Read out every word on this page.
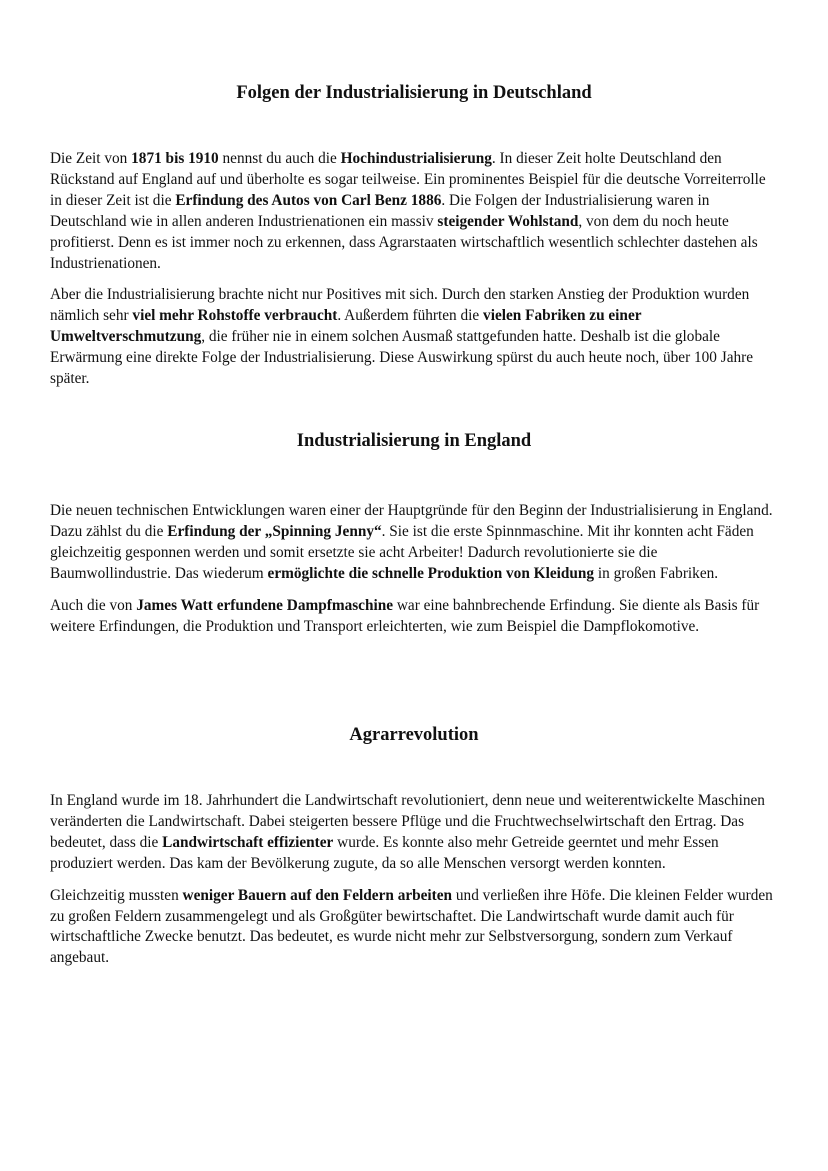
Folgen der Industrialisierung in Deutschland

Die Zeit von 1871 bis 1910 nennst du auch die Hochindustrialisierung. In dieser Zeit holte Deutschland den Rückstand auf England auf und überholte es sogar teilweise. Ein prominentes Beispiel für die deutsche Vorreiterrolle in dieser Zeit ist die Erfindung des Autos von Carl Benz 1886. Die Folgen der Industrialisierung waren in Deutschland wie in allen anderen Industrienationen ein massiv steigender Wohlstand, von dem du noch heute profitierst. Denn es ist immer noch zu erkennen, dass Agrarstaaten wirtschaftlich wesentlich schlechter dastehen als Industrienationen.

Aber die Industrialisierung brachte nicht nur Positives mit sich. Durch den starken Anstieg der Produktion wurden nämlich sehr viel mehr Rohstoffe verbraucht. Außerdem führten die vielen Fabriken zu einer Umweltverschmutzung, die früher nie in einem solchen Ausmaß stattgefunden hatte. Deshalb ist die globale Erwärmung eine direkte Folge der Industrialisierung. Diese Auswirkung spürst du auch heute noch, über 100 Jahre später.

Industrialisierung in England

Die neuen technischen Entwicklungen waren einer der Hauptgründe für den Beginn der Industrialisierung in England. Dazu zählst du die Erfindung der „Spinning Jenny“. Sie ist die erste Spinnmaschine. Mit ihr konnten acht Fäden gleichzeitig gesponnen werden und somit ersetzte sie acht Arbeiter! Dadurch revolutionierte sie die Baumwollindustrie. Das wiederum ermöglichte die schnelle Produktion von Kleidung in großen Fabriken.

Auch die von James Watt erfundene Dampfmaschine war eine bahnbrechende Erfindung. Sie diente als Basis für weitere Erfindungen, die Produktion und Transport erleichterten, wie zum Beispiel die Dampflokomotive.

Agrarrevolution

In England wurde im 18. Jahrhundert die Landwirtschaft revolutioniert, denn neue und weiterentwickelte Maschinen veränderten die Landwirtschaft. Dabei steigerten bessere Pflüge und die Fruchtwechselwirtschaft den Ertrag. Das bedeutet, dass die Landwirtschaft effizienter wurde. Es konnte also mehr Getreide geerntet und mehr Essen produziert werden. Das kam der Bevölkerung zugute, da so alle Menschen versorgt werden konnten.

Gleichzeitig mussten weniger Bauern auf den Feldern arbeiten und verließen ihre Höfe. Die kleinen Felder wurden zu großen Feldern zusammengelegt und als Großgüter bewirtschaftet. Die Landwirtschaft wurde damit auch für wirtschaftliche Zwecke benutzt. Das bedeutet, es wurde nicht mehr zur Selbstversorgung, sondern zum Verkauf angebaut.
